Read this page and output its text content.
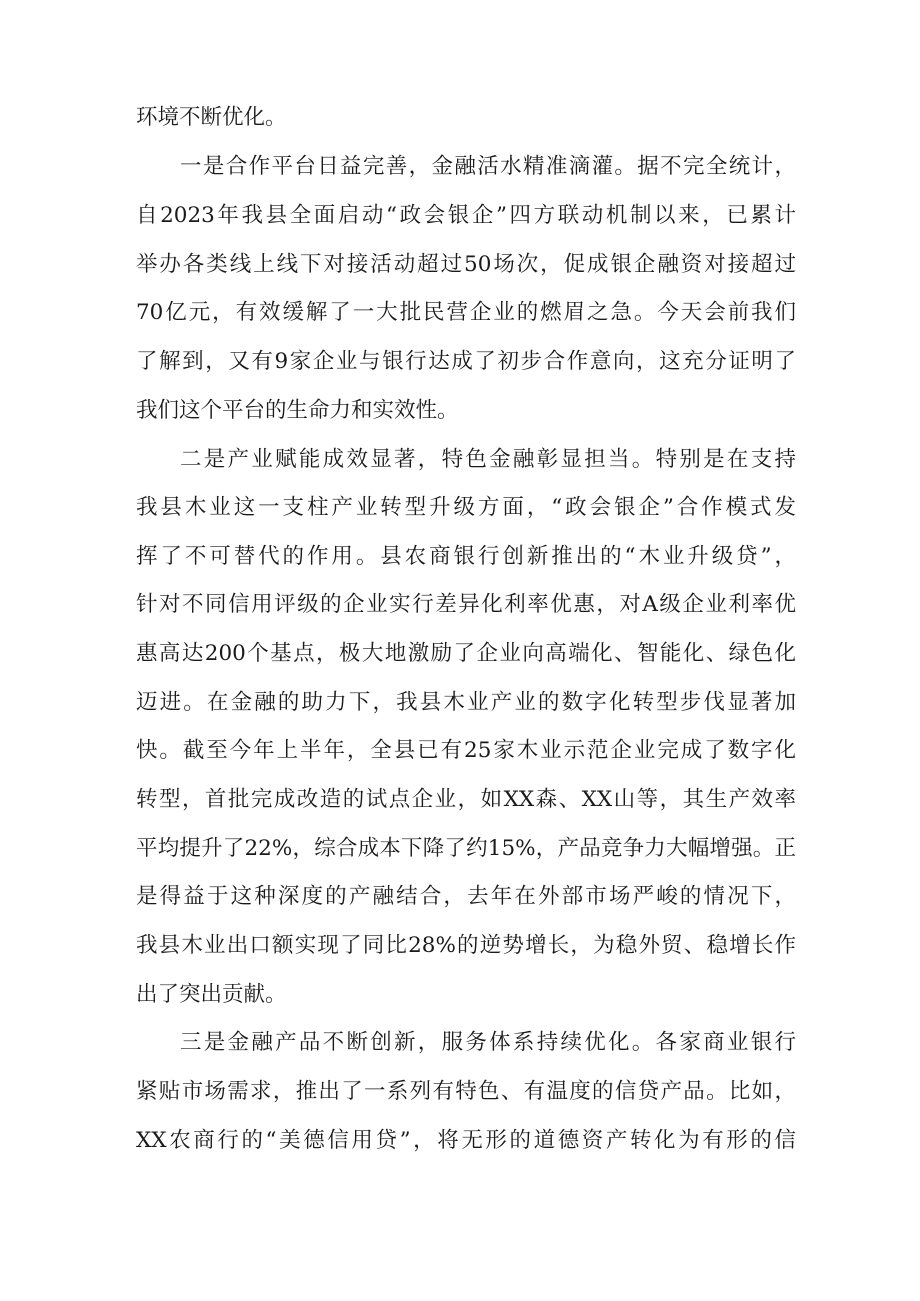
环境不断优化。
一是合作平台日益完善，金融活水精准滴灌。据不完全统计，
自2023年我县全面启动“政会银企”四方联动机制以来，已累计
举办各类线上线下对接活动超过50场次，促成银企融资对接超过
70亿元，有效缓解了一大批民营企业的燃眉之急。今天会前我们
了解到，又有9家企业与银行达成了初步合作意向，这充分证明了
我们这个平台的生命力和实效性。
二是产业赋能成效显著，特色金融彰显担当。特别是在支持
我县木业这一支柱产业转型升级方面，“政会银企”合作模式发
挥了不可替代的作用。县农商银行创新推出的“木业升级贷”，
针对不同信用评级的企业实行差异化利率优惠，对A级企业利率优
惠高达200个基点，极大地激励了企业向高端化、智能化、绿色化
迈进。在金融的助力下，我县木业产业的数字化转型步伐显著加
快。截至今年上半年，全县已有25家木业示范企业完成了数字化
转型，首批完成改造的试点企业，如XX森、XX山等，其生产效率
平均提升了22%，综合成本下降了约15%，产品竞争力大幅增强。正
是得益于这种深度的产融结合，去年在外部市场严峻的情况下，
我县木业出口额实现了同比28%的逆势增长，为稳外贸、稳增长作
出了突出贡献。
三是金融产品不断创新，服务体系持续优化。各家商业银行
紧贴市场需求，推出了一系列有特色、有温度的信贷产品。比如，
XX农商行的“美德信用贷”，将无形的道德资产转化为有形的信
